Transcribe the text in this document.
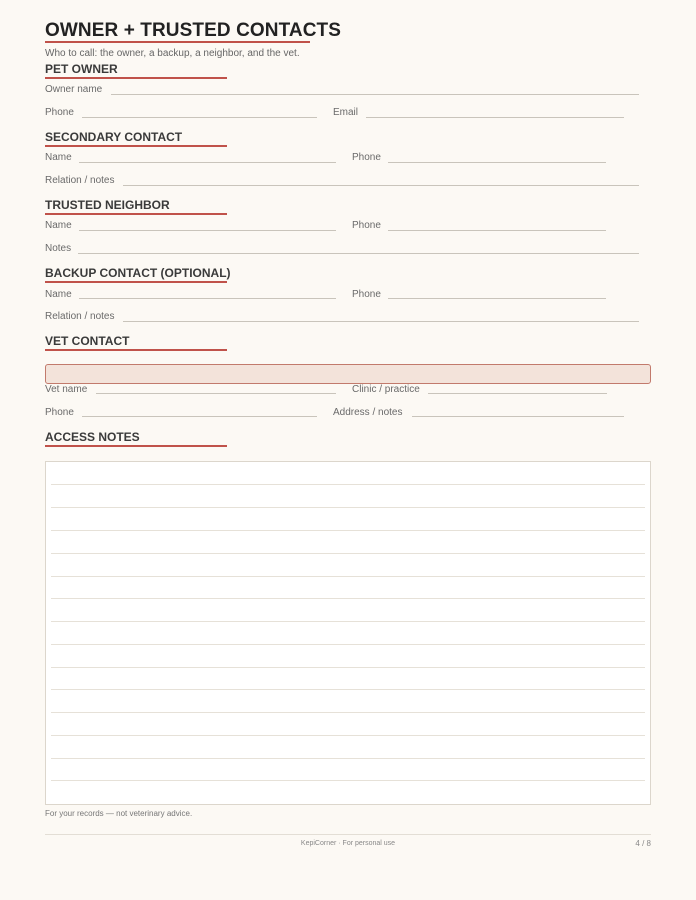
OWNER + TRUSTED CONTACTS
Who to call: the owner, a backup, a neighbor, and the vet.
PET OWNER
Owner name
Phone	Email
SECONDARY CONTACT
Name	Phone
Relation / notes
TRUSTED NEIGHBOR
Name	Phone
Notes
BACKUP CONTACT (OPTIONAL)
Name	Phone
Relation / notes
VET CONTACT
Vet name	Clinic / practice
Phone	Address / notes
ACCESS NOTES
For your records — not veterinary advice.
KepiCorner · For personal use	4 / 8
